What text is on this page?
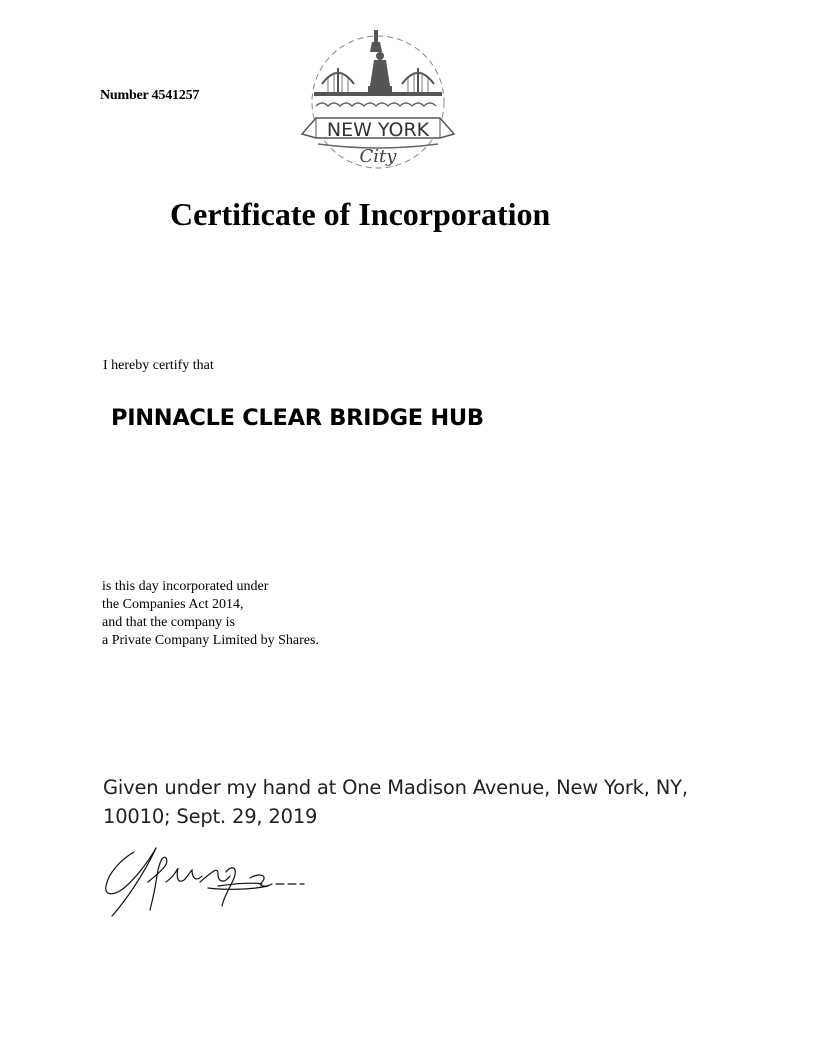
Number 4541257
NEW YORK
City
Certificate of Incorporation
I hereby certify that
PINNACLE CLEAR BRIDGE HUB
is this day incorporated under
the Companies Act 2014,
and that the company is
a Private Company Limited by Shares.
Given under my hand at One Madison Avenue, New York, NY,
10010; Sept. 29, 2019
